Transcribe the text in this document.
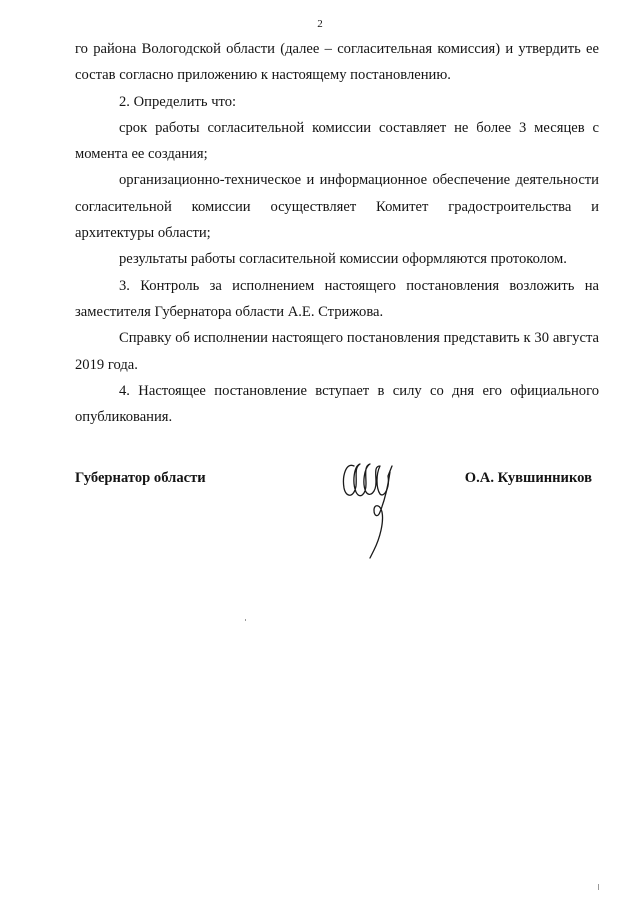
2

го района Вологодской области (далее – согласительная комиссия) и утвердить ее состав согласно приложению к настоящему постановлению.

2. Определить что:

срок работы согласительной комиссии составляет не более 3 месяцев с момента ее создания;

организационно-техническое и информационное обеспечение деятельности согласительной комиссии осуществляет Комитет градостроительства и архитектуры области;

результаты работы согласительной комиссии оформляются протоколом.

3. Контроль за исполнением настоящего постановления возложить на заместителя Губернатора области А.Е. Стрижова.

Справку об исполнении настоящего постановления представить к 30 августа 2019 года.

4. Настоящее постановление вступает в силу со дня его официального опубликования.

Губернатор области	О.А. Кувшинников
